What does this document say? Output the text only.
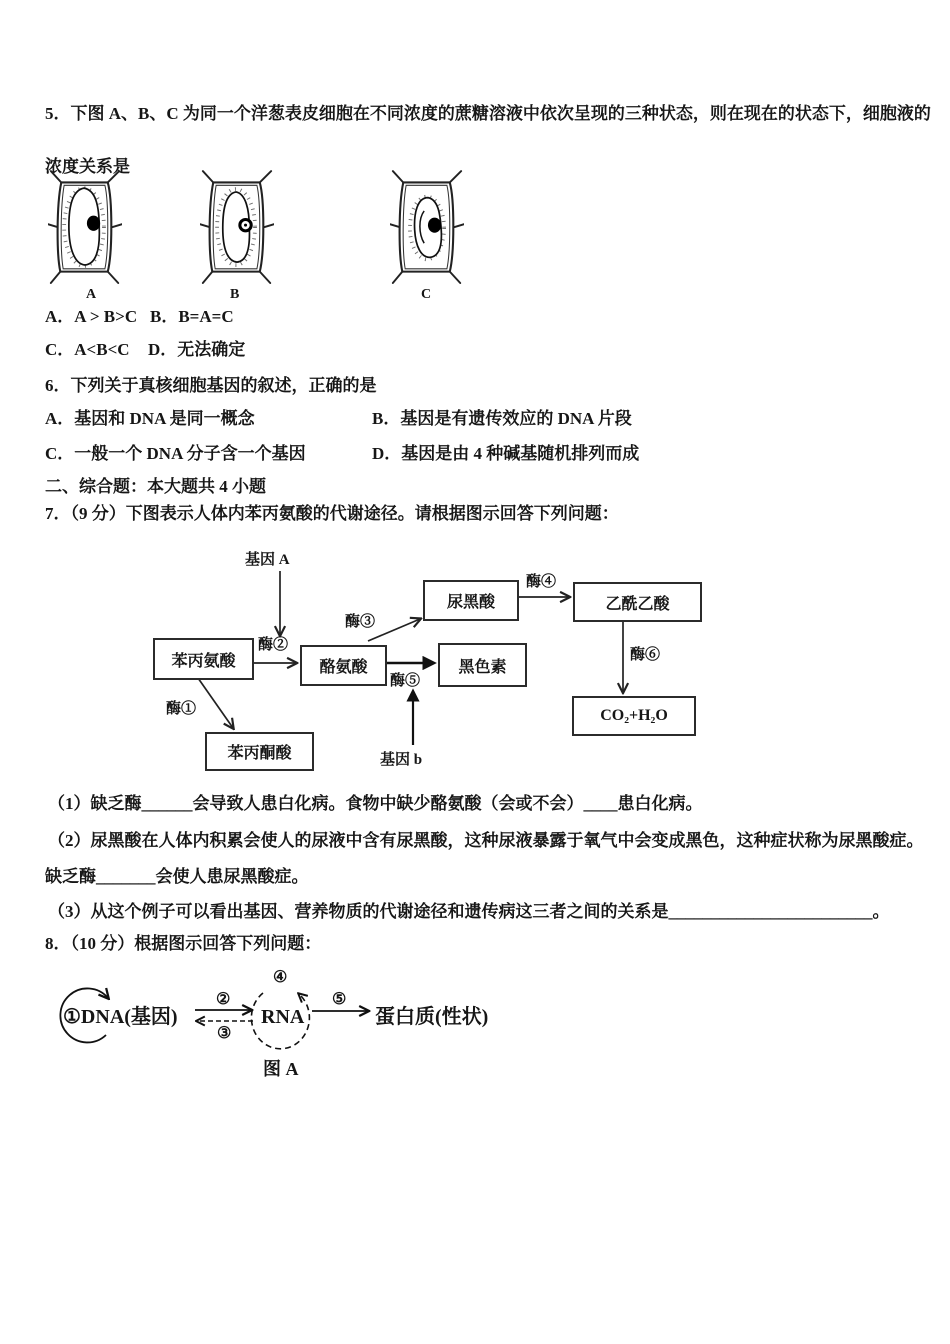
5．下图 A、B、C 为同一个洋葱表皮细胞在不同浓度的蔗糖溶液中依次呈现的三种状态，则在现在的状态下，细胞液的
浓度关系是
A	B	C
A．A > B>C B．B=A=C
C．A<B<C D．无法确定
6．下列关于真核细胞基因的叙述，正确的是
A．基因和 DNA 是同一概念	B．基因是有遗传效应的 DNA 片段
C．一般一个 DNA 分子含一个基因	D．基因是由 4 种碱基随机排列而成
二、综合题：本大题共 4 小题
7．（9 分）下图表示人体内苯丙氨酸的代谢途径。请根据图示回答下列问题：
基因 A
酶②
酶③
酶④
酶⑤
酶⑥
酶①
基因 b
苯丙氨酸	酪氨酸
尿黑酸	乙酰乙酸
黑色素
苯丙酮酸
CO₂+H₂O
（1）缺乏酶______会导致人患白化病。食物中缺少酪氨酸（会或不会）____患白化病。
（2）尿黑酸在人体内积累会使人的尿液中含有尿黑酸，这种尿液暴露于氧气中会变成黑色，这种症状称为尿黑酸症。
缺乏酶_______会使人患尿黑酸症。
（3）从这个例子可以看出基因、营养物质的代谢途径和遗传病这三者之间的关系是________________________。
8．（10 分）根据图示回答下列问题：
①DNA(基因)
②
③
④
⑤
RNA	蛋白质(性状)
图 A
